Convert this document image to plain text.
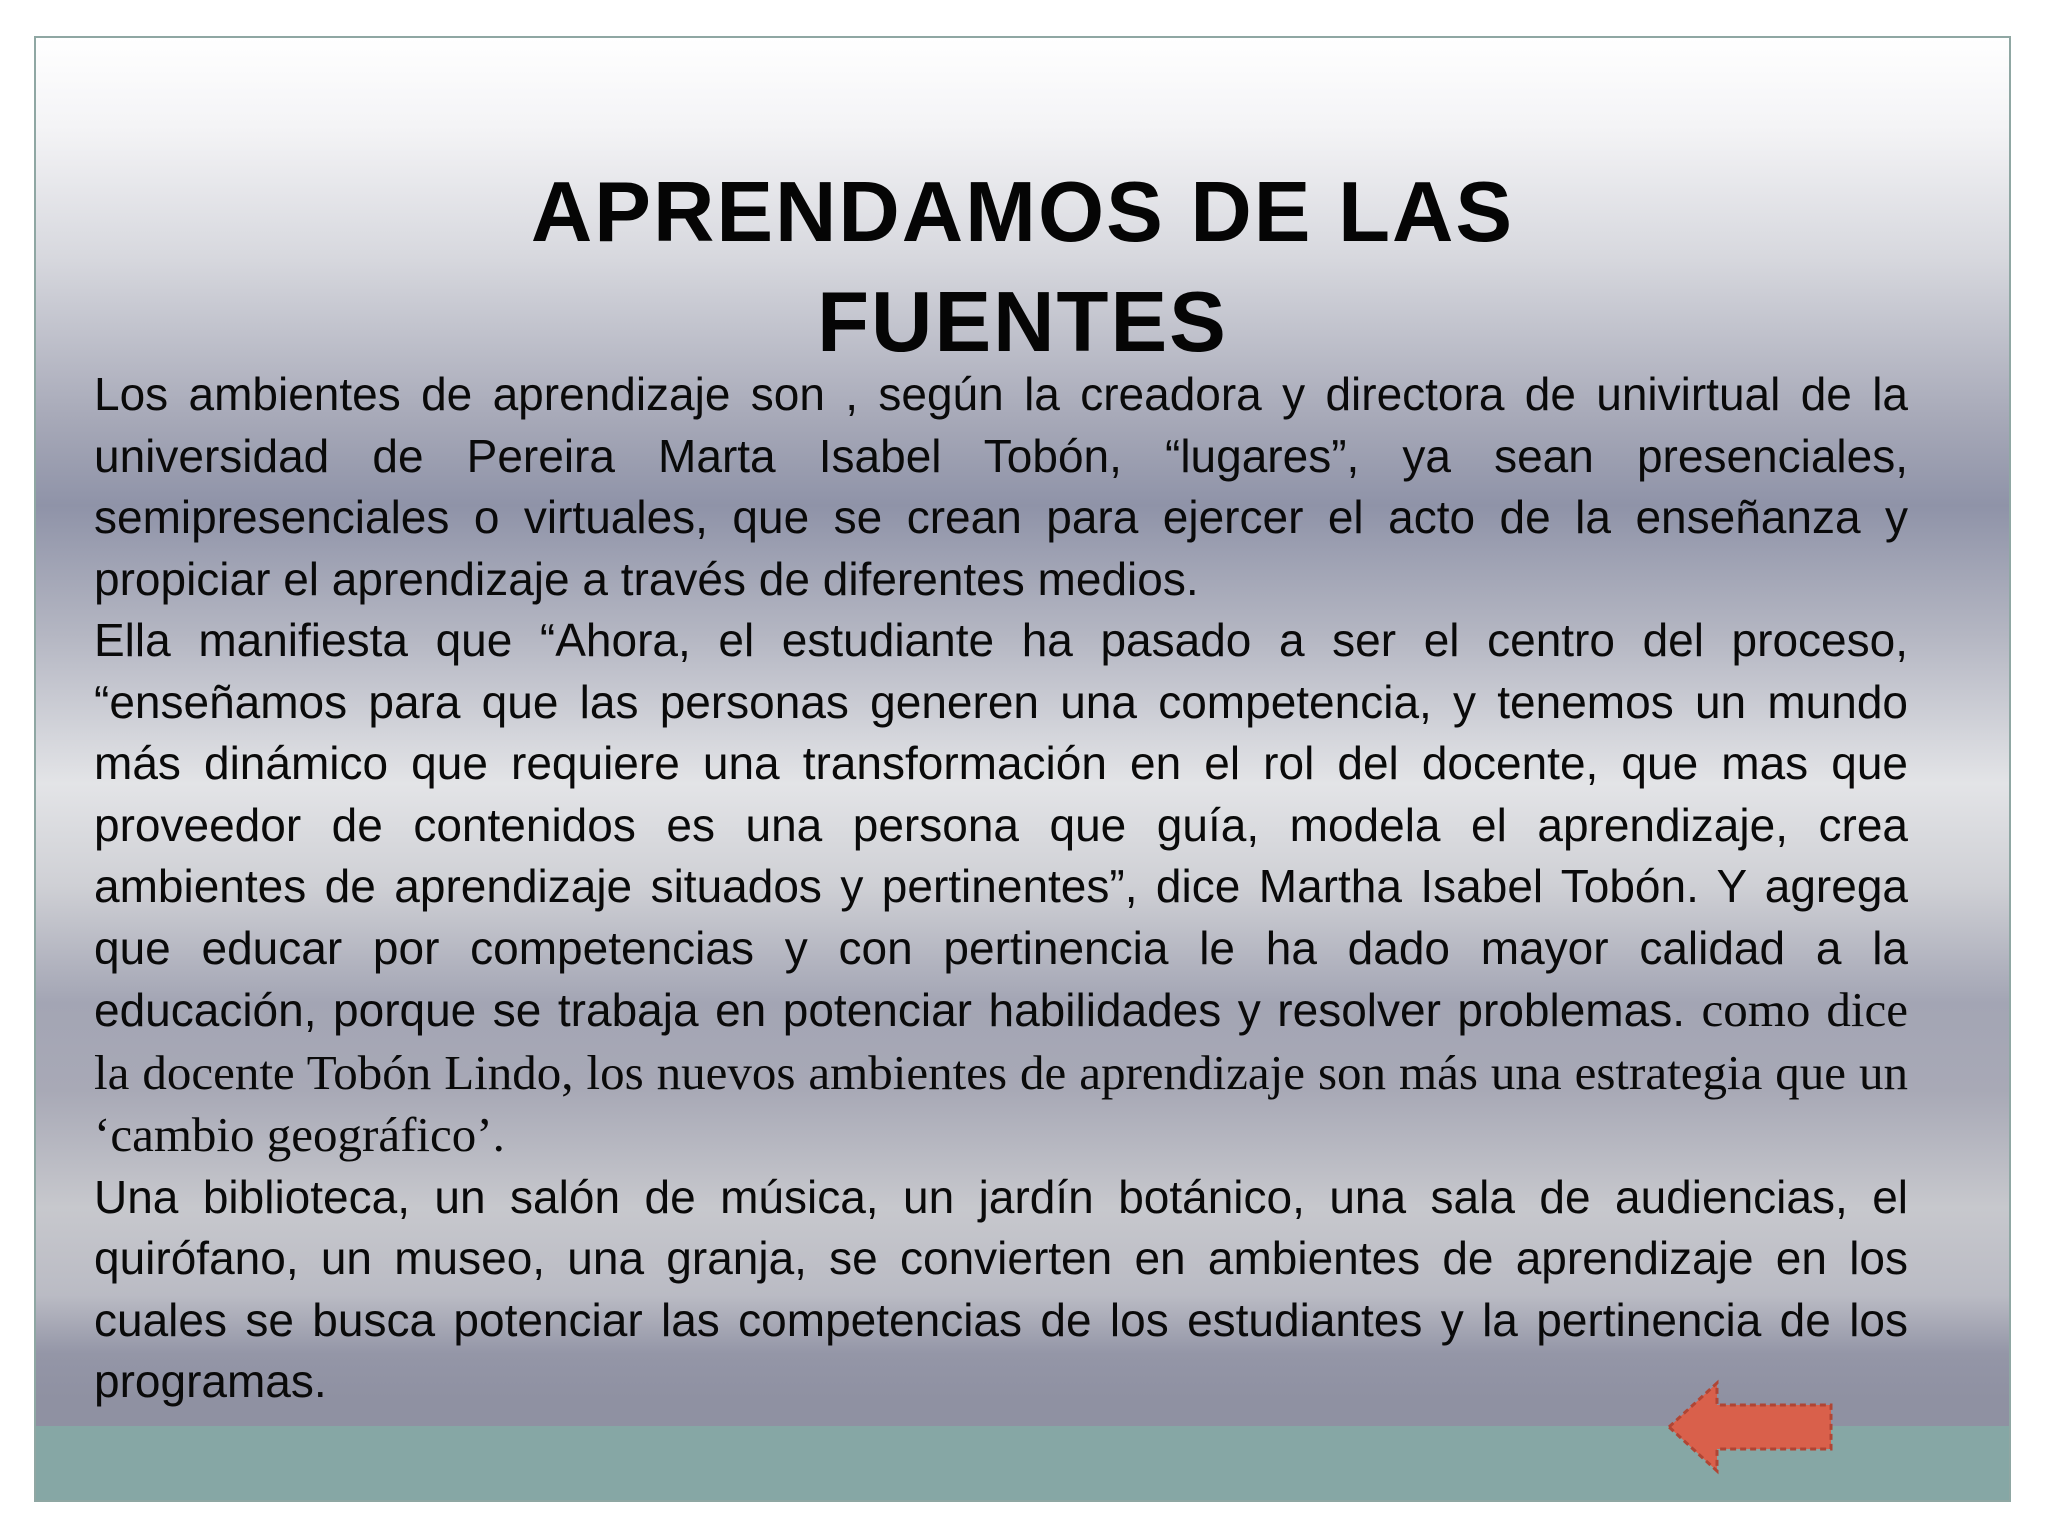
APRENDAMOS DE LAS
FUENTES

Los ambientes de aprendizaje son , según la creadora y directora de univirtual de la universidad de Pereira Marta Isabel Tobón, “lugares”, ya sean presenciales, semipresenciales o virtuales, que se crean para ejercer el acto de la enseñanza y propiciar el aprendizaje a través de diferentes medios.

Ella manifiesta que “Ahora, el estudiante ha pasado a ser el centro del proceso, “enseñamos para que las personas generen una competencia, y tenemos un mundo más dinámico que requiere una transformación en el rol del docente, que mas que proveedor de contenidos es una persona que guía, modela el aprendizaje, crea ambientes de aprendizaje situados y pertinentes”, dice Martha Isabel Tobón. Y agrega que educar por competencias y con pertinencia le ha dado mayor calidad a la educación, porque se trabaja en potenciar habilidades y resolver problemas. como dice la docente Tobón Lindo, los nuevos ambientes de aprendizaje son más una estrategia que un ‘cambio geográfico’.

Una biblioteca, un salón de música, un jardín botánico, una sala de audiencias, el quirófano, un museo, una granja, se convierten en ambientes de aprendizaje en los cuales se busca potenciar las competencias de los estudiantes y la pertinencia de los programas.
